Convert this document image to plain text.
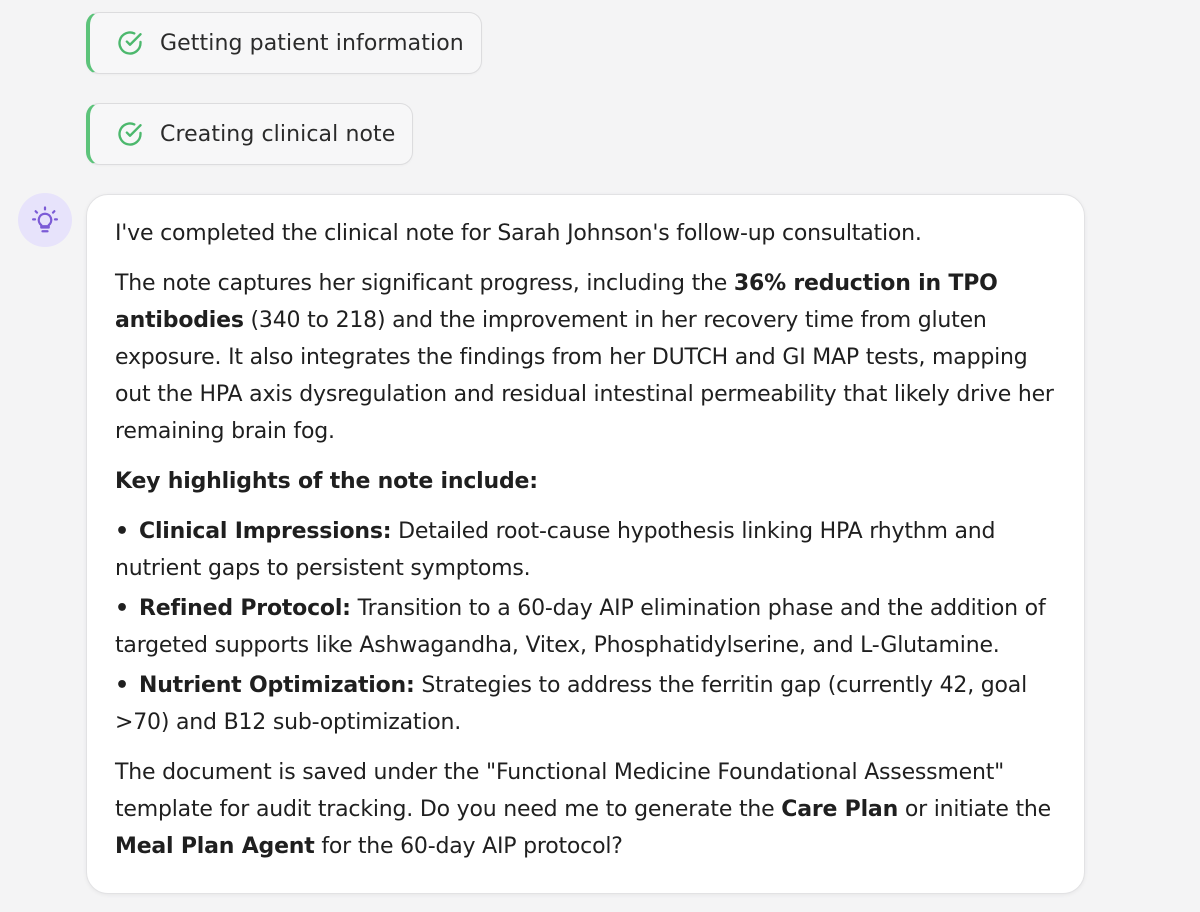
Getting patient information
Creating clinical note

I've completed the clinical note for Sarah Johnson's follow-up consultation.

The note captures her significant progress, including the 36% reduction in TPO antibodies (340 to 218) and the improvement in her recovery time from gluten exposure. It also integrates the findings from her DUTCH and GI MAP tests, mapping out the HPA axis dysregulation and residual intestinal permeability that likely drive her remaining brain fog.

Key highlights of the note include:

• Clinical Impressions: Detailed root-cause hypothesis linking HPA rhythm and nutrient gaps to persistent symptoms.
• Refined Protocol: Transition to a 60-day AIP elimination phase and the addition of targeted supports like Ashwagandha, Vitex, Phosphatidylserine, and L-Glutamine.
• Nutrient Optimization: Strategies to address the ferritin gap (currently 42, goal >70) and B12 sub-optimization.

The document is saved under the "Functional Medicine Foundational Assessment" template for audit tracking. Do you need me to generate the Care Plan or initiate the Meal Plan Agent for the 60-day AIP protocol?
